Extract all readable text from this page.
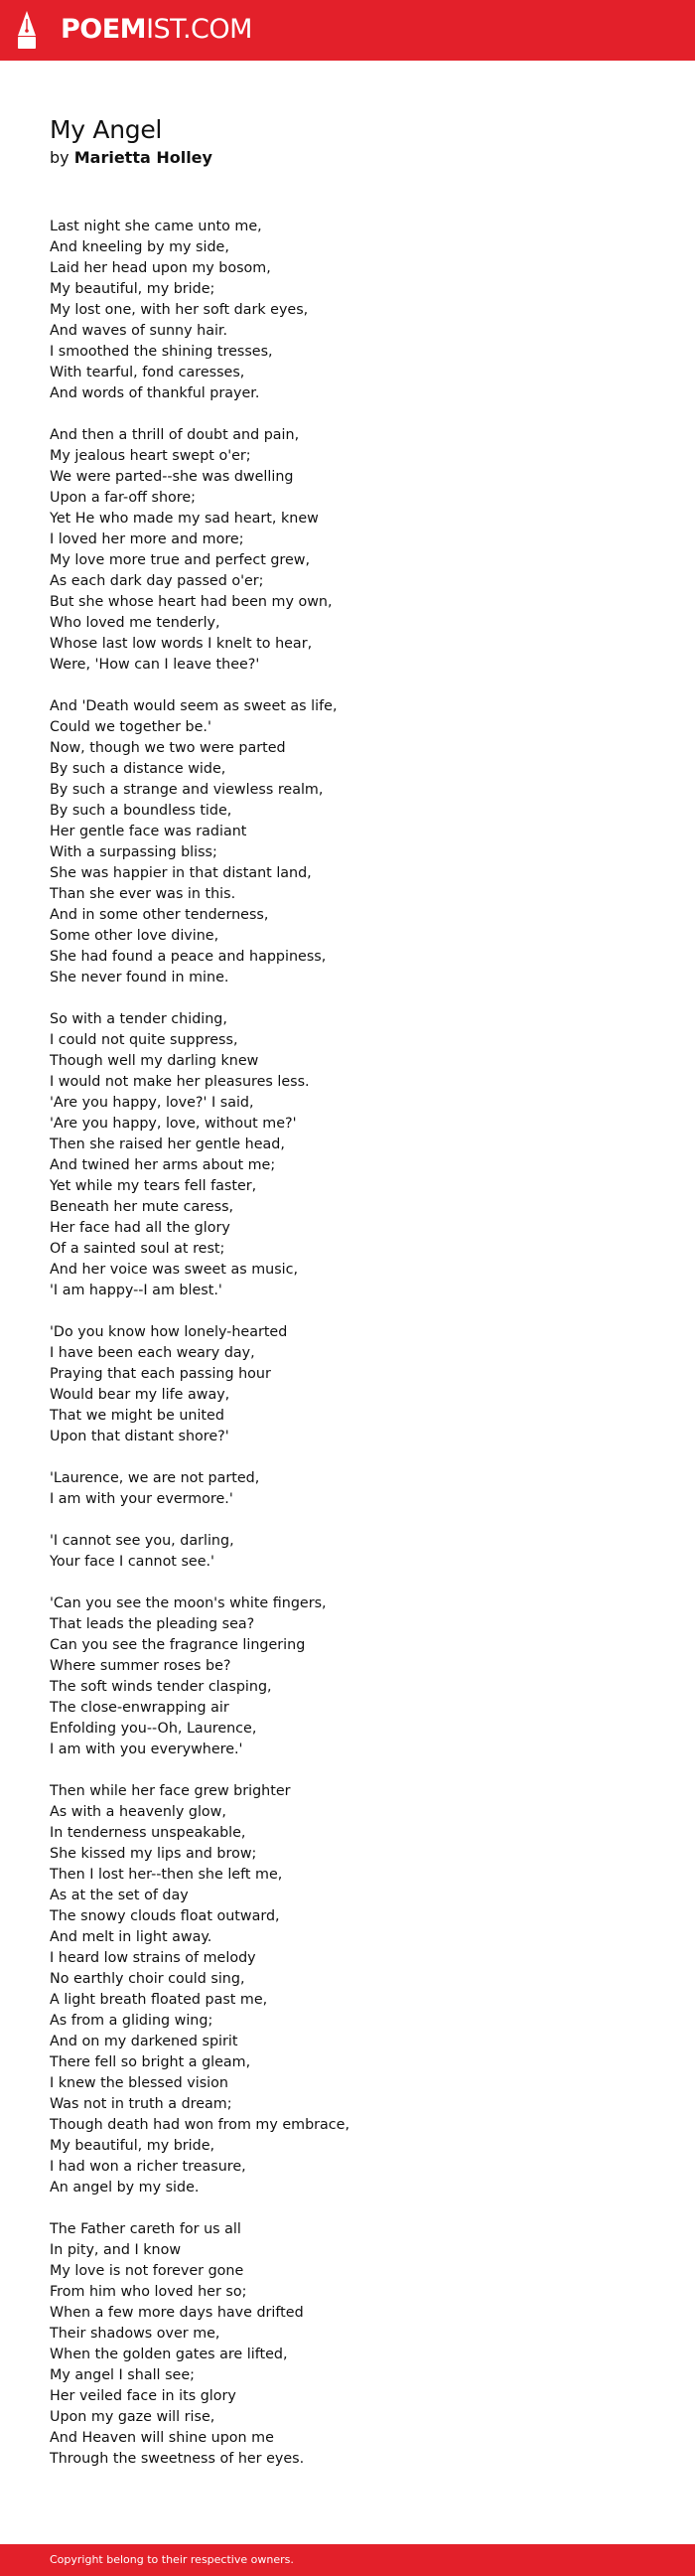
POEMIST.COM
My Angel
by Marietta Holley
Last night she came unto me,
And kneeling by my side,
Laid her head upon my bosom,
My beautiful, my bride;
My lost one, with her soft dark eyes,
And waves of sunny hair.
I smoothed the shining tresses,
With tearful, fond caresses,
And words of thankful prayer.

And then a thrill of doubt and pain,
My jealous heart swept o'er;
We were parted--she was dwelling
Upon a far-off shore;
Yet He who made my sad heart, knew
I loved her more and more;
My love more true and perfect grew,
As each dark day passed o'er;
But she whose heart had been my own,
Who loved me tenderly,
Whose last low words I knelt to hear,
Were, 'How can I leave thee?'

And 'Death would seem as sweet as life,
Could we together be.'
Now, though we two were parted
By such a distance wide,
By such a strange and viewless realm,
By such a boundless tide,
Her gentle face was radiant
With a surpassing bliss;
She was happier in that distant land,
Than she ever was in this.
And in some other tenderness,
Some other love divine,
She had found a peace and happiness,
She never found in mine.

So with a tender chiding,
I could not quite suppress,
Though well my darling knew
I would not make her pleasures less.
'Are you happy, love?' I said,
'Are you happy, love, without me?'
Then she raised her gentle head,
And twined her arms about me;
Yet while my tears fell faster,
Beneath her mute caress,
Her face had all the glory
Of a sainted soul at rest;
And her voice was sweet as music,
'I am happy--I am blest.'

'Do you know how lonely-hearted
I have been each weary day,
Praying that each passing hour
Would bear my life away,
That we might be united
Upon that distant shore?'

'Laurence, we are not parted,
I am with your evermore.'

'I cannot see you, darling,
Your face I cannot see.'

'Can you see the moon's white fingers,
That leads the pleading sea?
Can you see the fragrance lingering
Where summer roses be?
The soft winds tender clasping,
The close-enwrapping air
Enfolding you--Oh, Laurence,
I am with you everywhere.'

Then while her face grew brighter
As with a heavenly glow,
In tenderness unspeakable,
She kissed my lips and brow;
Then I lost her--then she left me,
As at the set of day
The snowy clouds float outward,
And melt in light away.
I heard low strains of melody
No earthly choir could sing,
A light breath floated past me,
As from a gliding wing;
And on my darkened spirit
There fell so bright a gleam,
I knew the blessed vision
Was not in truth a dream;
Though death had won from my embrace,
My beautiful, my bride,
I had won a richer treasure,
An angel by my side.

The Father careth for us all
In pity, and I know
My love is not forever gone
From him who loved her so;
When a few more days have drifted
Their shadows over me,
When the golden gates are lifted,
My angel I shall see;
Her veiled face in its glory
Upon my gaze will rise,
And Heaven will shine upon me
Through the sweetness of her eyes.
Copyright belong to their respective owners.
